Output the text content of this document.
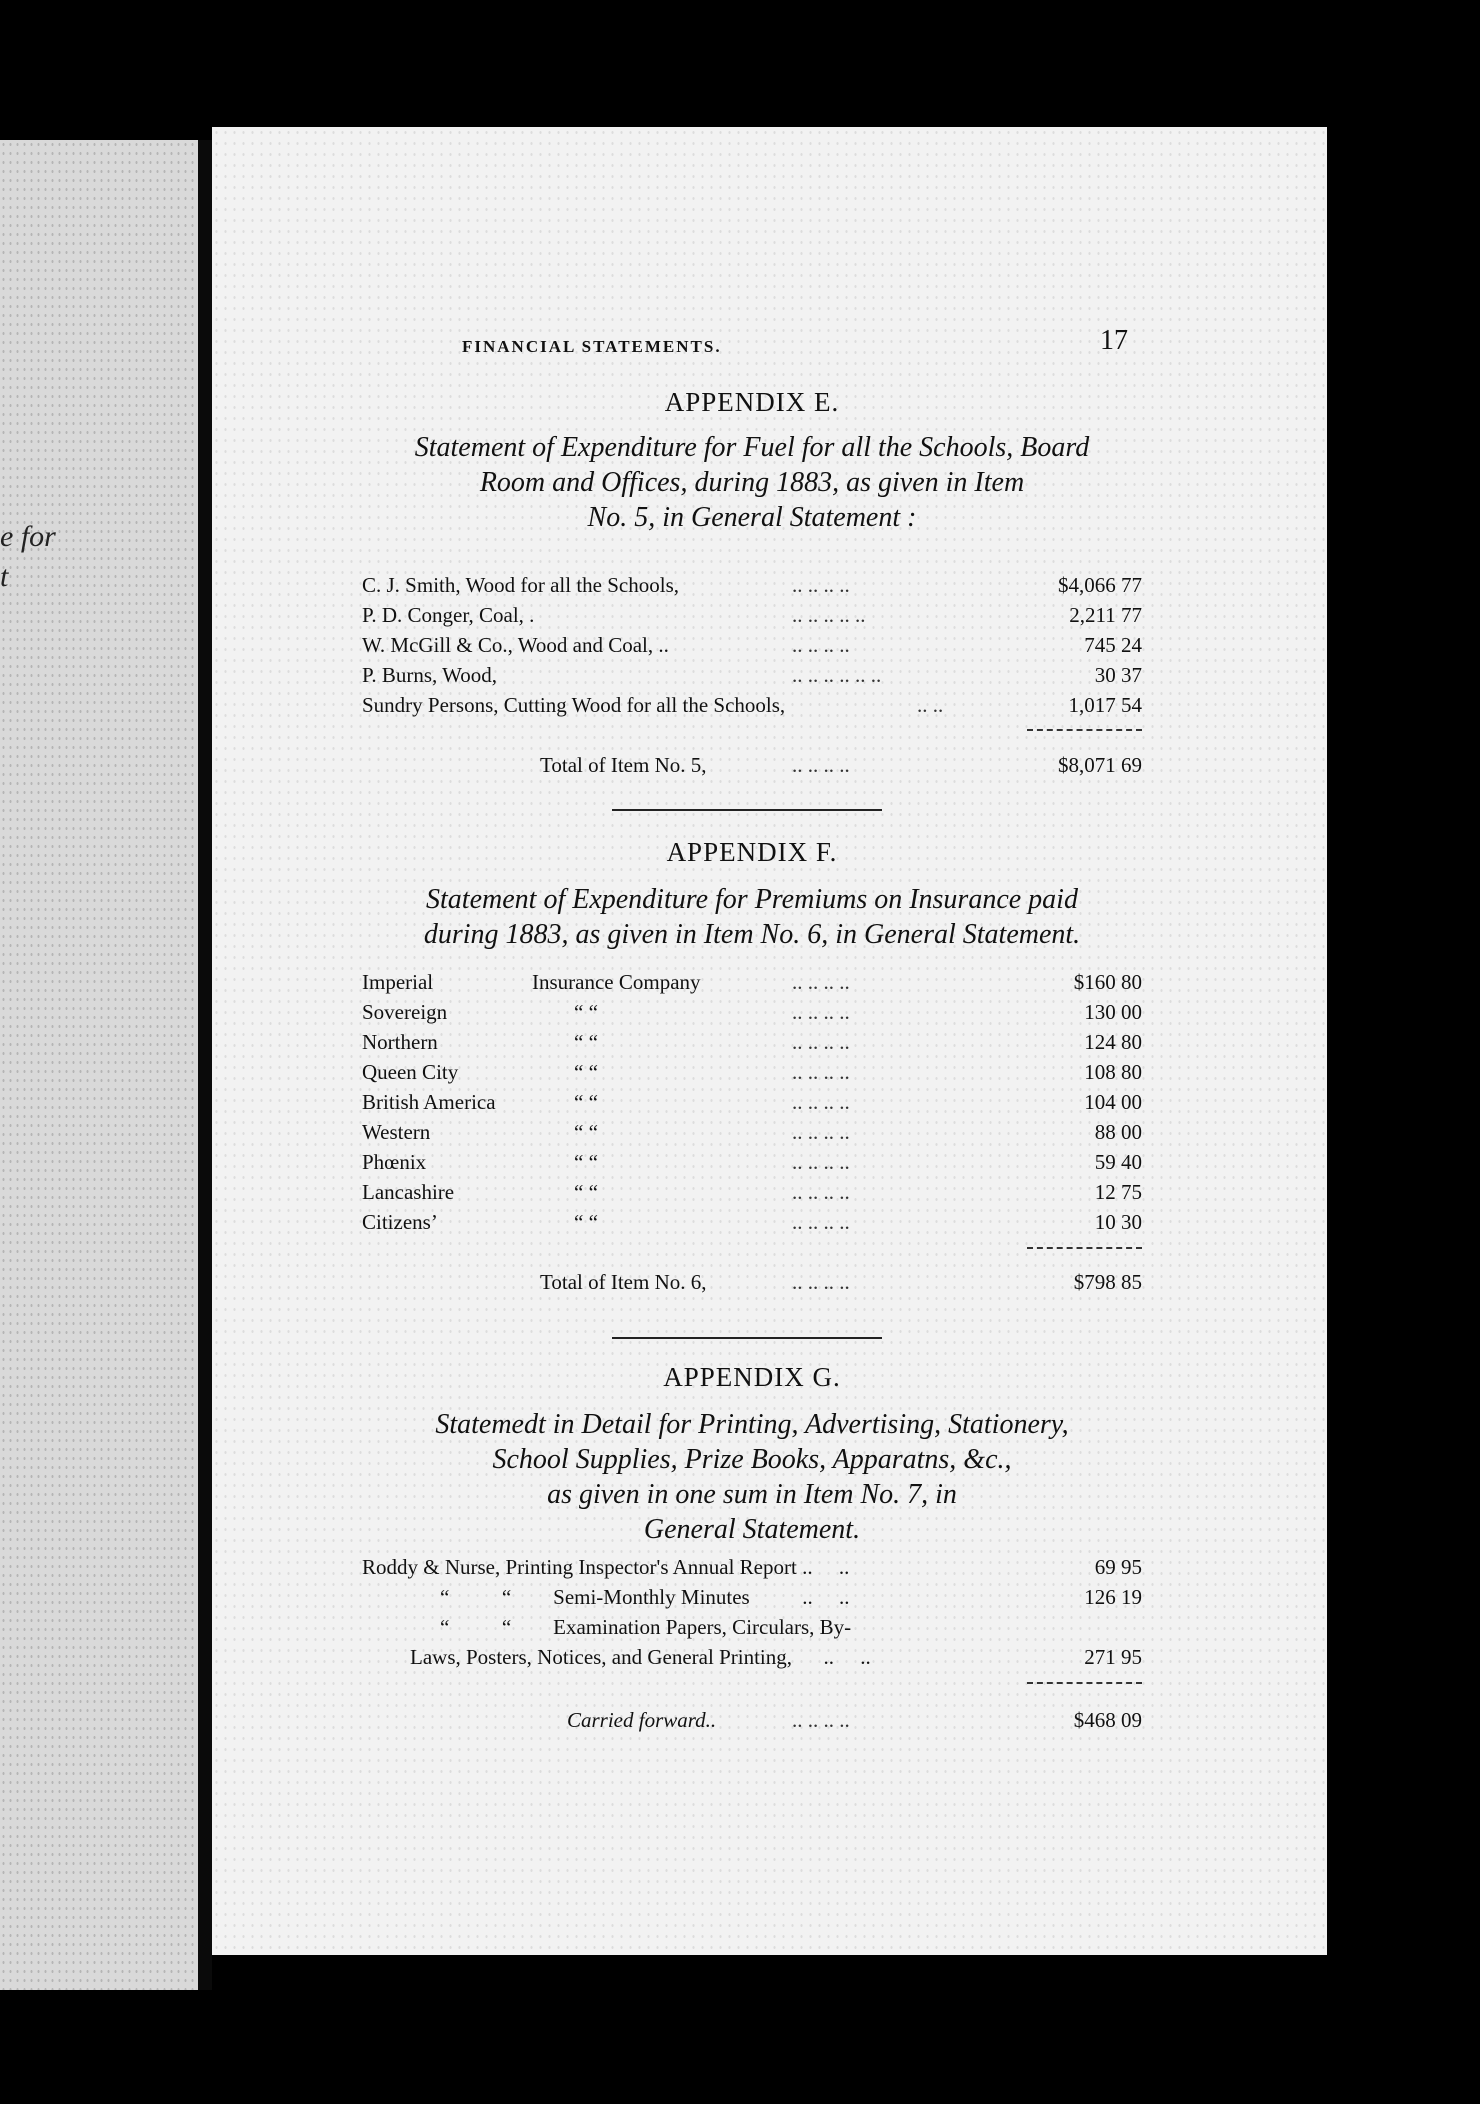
e for
t
FINANCIAL STATEMENTS.	17
APPENDIX E.

Statement of Expenditure for Fuel for all the Schools, Board
Room and Offices, during 1883, as given in Item
No. 5, in General Statement :

C. J. Smith, Wood for all the Schools,	.. .. .. ..	$4,066 77
P. D. Conger, Coal, .	.. .. .. .. ..	2,211 77
W. McGill & Co., Wood and Coal, ..	.. .. .. ..	745 24
P. Burns, Wood,	.. .. .. .. .. ..	30 37
Sundry Persons, Cutting Wood for all the Schools,	.. ..	1,017 54
Total of Item No. 5,	.. .. .. ..	$8,071 69
APPENDIX F.

Statement of Expenditure for Premiums on Insurance paid
during 1883, as given in Item No. 6, in General Statement.

Imperial	Insurance Company	.. .. .. ..	$160 80
Sovereign	“ “	.. .. .. ..	130 00
Northern	“ “	.. .. .. ..	124 80
Queen City	“ “	.. .. .. ..	108 80
British America	“ “	.. .. .. ..	104 00
Western	“ “	.. .. .. ..	88 00
Phœnix	“ “	.. .. .. ..	59 40
Lancashire	“ “	.. .. .. ..	12 75
Citizens’	“ “	.. .. .. ..	10 30
Total of Item No. 6,	.. .. .. ..	$798 85
APPENDIX G.

Statemedt in Detail for Printing, Advertising, Stationery,
School Supplies, Prize Books, Apparatns, &c.,
as given in one sum in Item No. 7, in
General Statement.

Roddy & Nurse, Printing Inspector's Annual Report ..     ..	69 95
“          “        Semi-Monthly Minutes          ..     ..	126 19
“          “        Examination Papers, Circulars, By-
Laws, Posters, Notices, and General Printing,      ..     ..	271 95
Carried forward..	.. .. .. ..	$468 09
